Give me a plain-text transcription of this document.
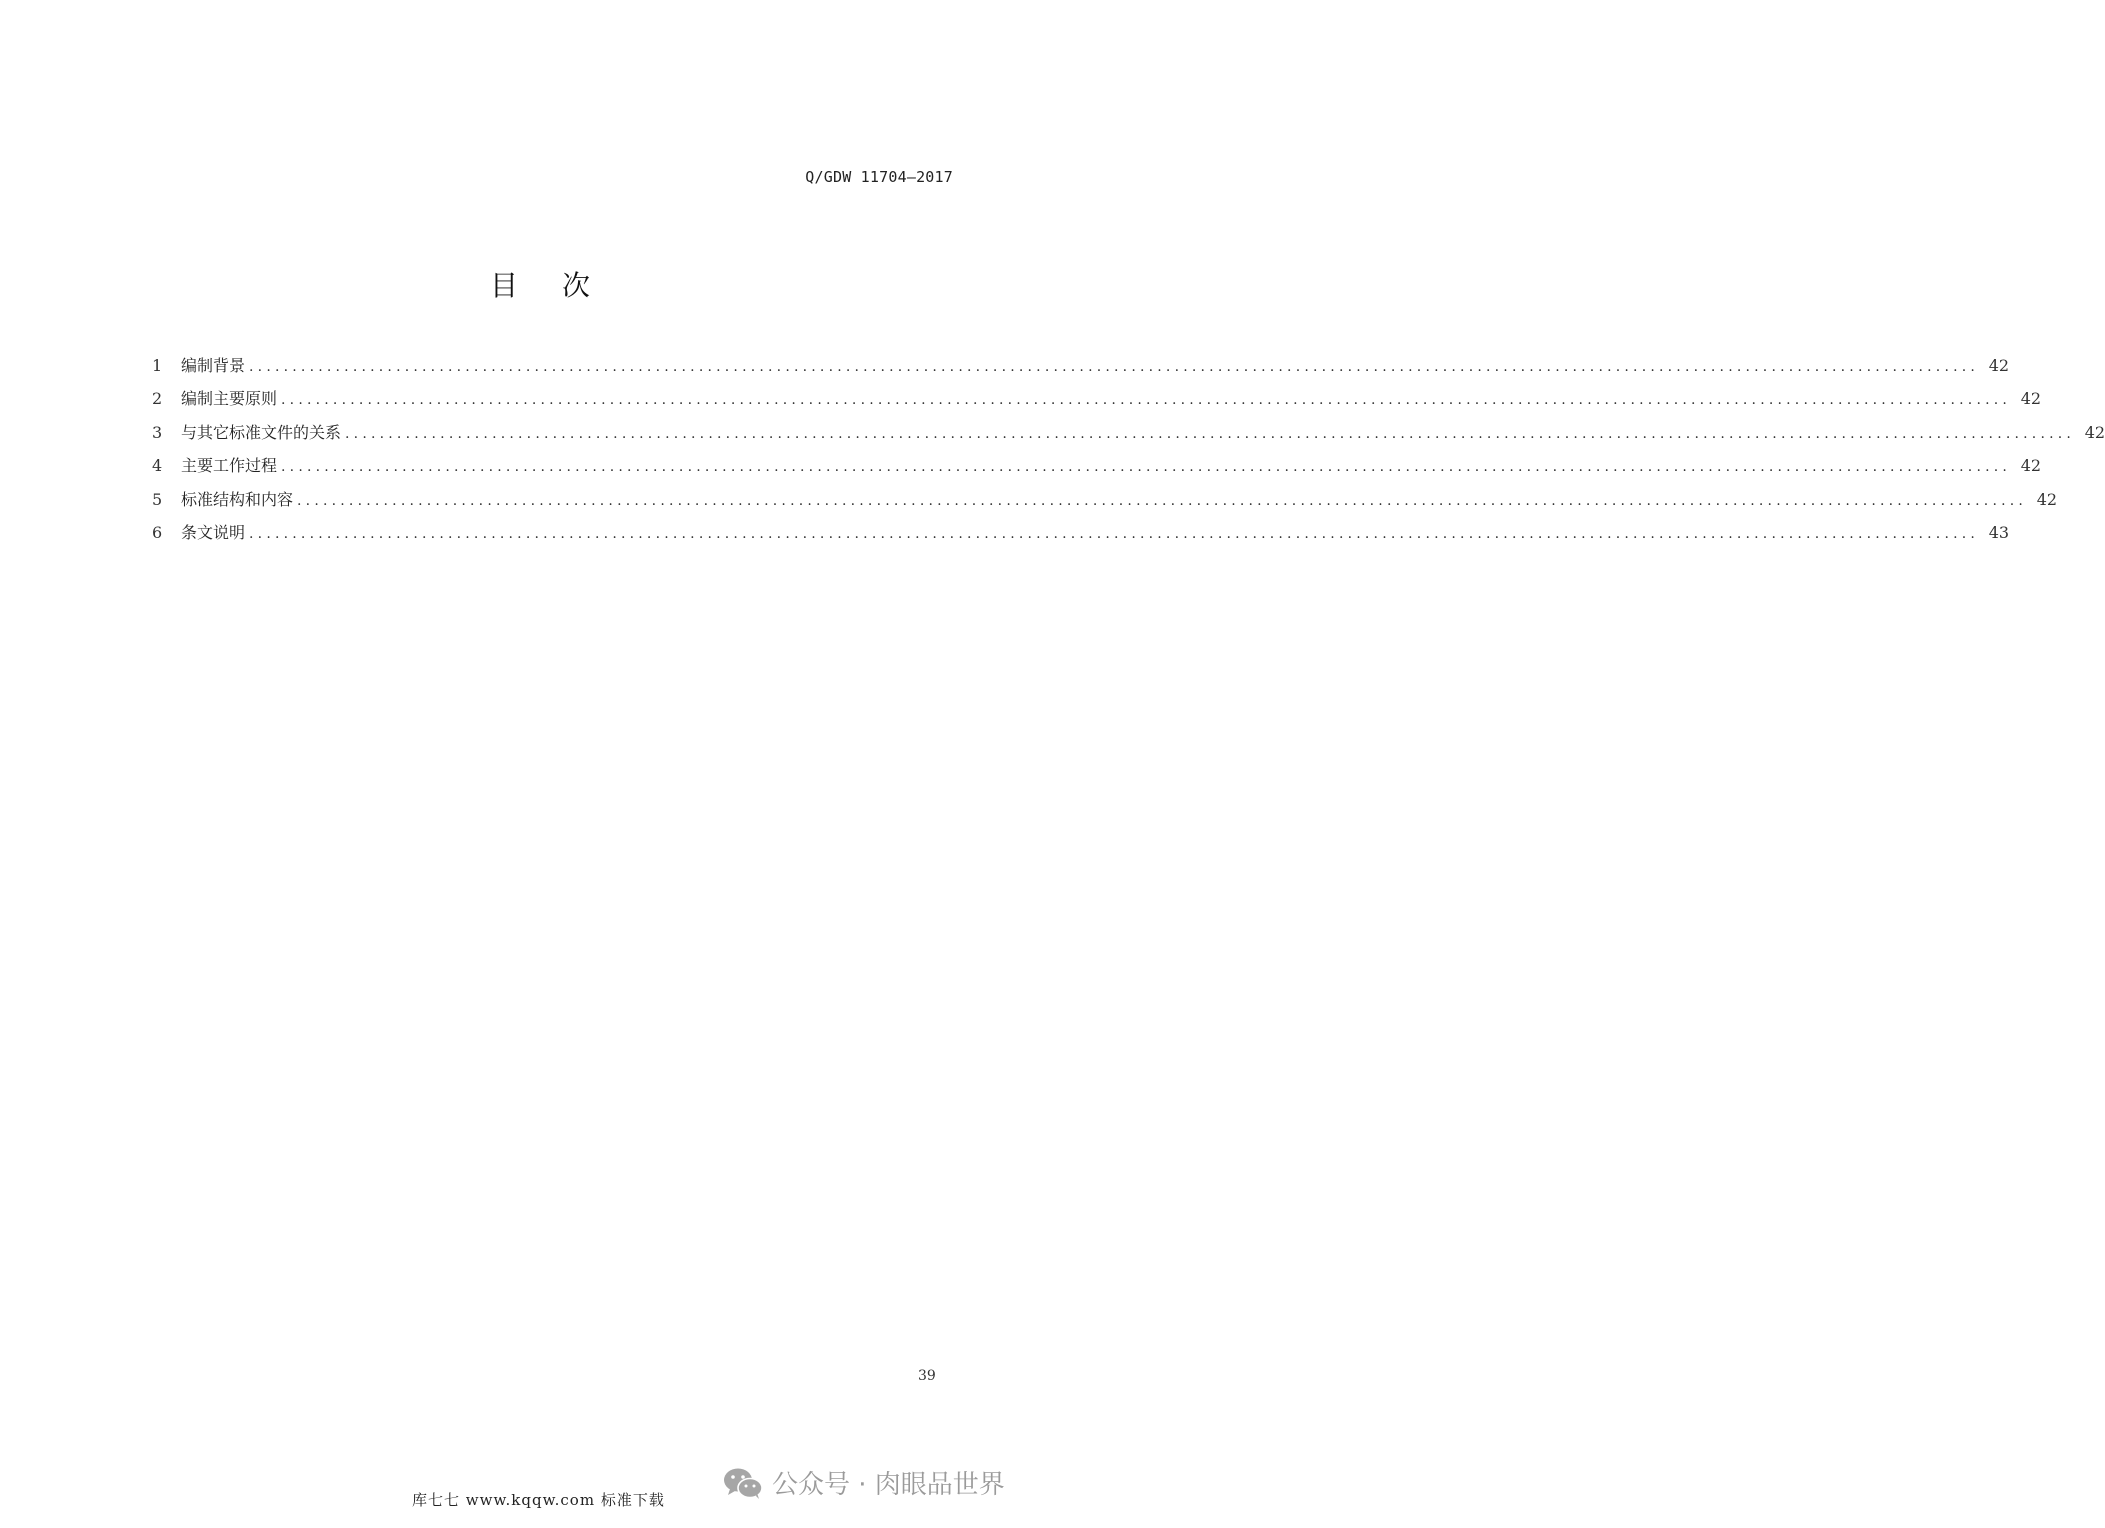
Q/GDW 11704—2017
目次
1	编制背景 ........................................................................................................................................................................................................ 42
2	编制主要原则 ........................................................................................................................................................................................................ 42
3	与其它标准文件的关系 ........................................................................................................................................................................................................ 42
4	主要工作过程 ........................................................................................................................................................................................................ 42
5	标准结构和内容 ........................................................................................................................................................................................................ 42
6	条文说明 ........................................................................................................................................................................................................ 43
39
库七七 www.kqqw.com 标准下载	公众号 · 肉眼品世界
